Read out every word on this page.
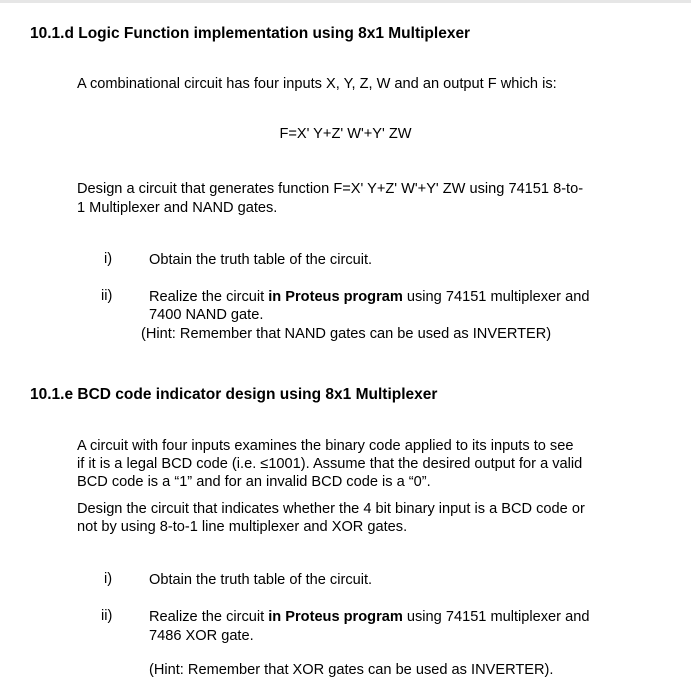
10.1.d Logic Function implementation using 8x1 Multiplexer
A combinational circuit has four inputs X, Y, Z, W and an output F which is:
F=X' Y+Z' W'+Y' ZW
Design a circuit that generates function F=X' Y+Z' W'+Y' ZW using 74151 8-to-
1 Multiplexer and NAND gates.
i)	Obtain the truth table of the circuit.
ii)	Realize the circuit in Proteus program using 74151 multiplexer and
7400 NAND gate.
(Hint: Remember that NAND gates can be used as INVERTER)
10.1.e BCD code indicator design using 8x1 Multiplexer
A circuit with four inputs examines the binary code applied to its inputs to see
if it is a legal BCD code (i.e. ≤1001). Assume that the desired output for a valid
BCD code is a “1” and for an invalid BCD code is a “0”.
Design the circuit that indicates whether the 4 bit binary input is a BCD code or
not by using 8-to-1 line multiplexer and XOR gates.
i)	Obtain the truth table of the circuit.
ii)	Realize the circuit in Proteus program using 74151 multiplexer and
7486 XOR gate.
(Hint: Remember that XOR gates can be used as INVERTER).
